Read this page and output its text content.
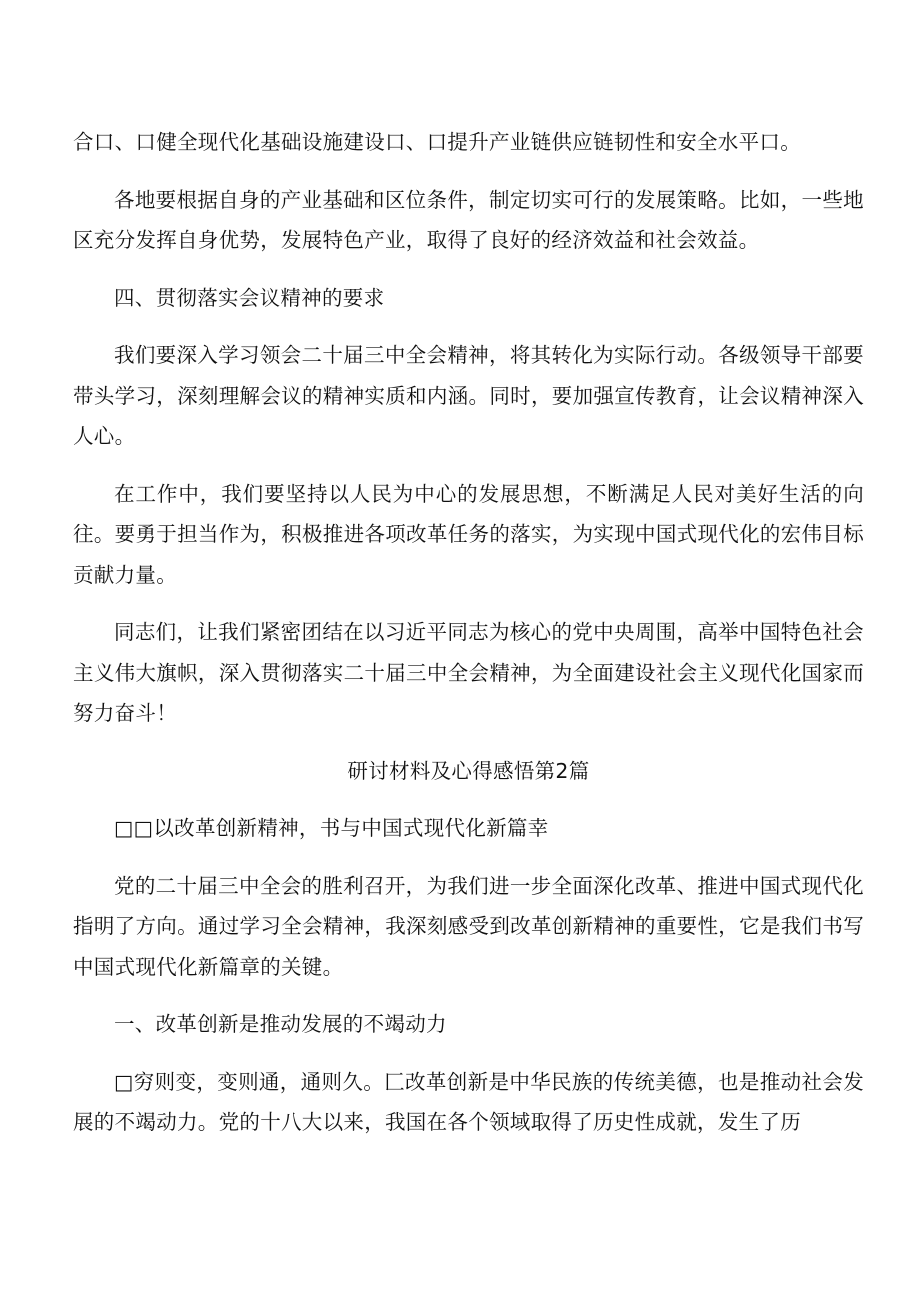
合口、口健全现代化基础设施建设口、口提升产业链供应链韧性和安全水平口。

各地要根据自身的产业基础和区位条件，制定切实可行的发展策略。比如，一些地区充分发挥自身优势，发展特色产业，取得了良好的经济效益和社会效益。

四、贯彻落实会议精神的要求

我们要深入学习领会二十届三中全会精神，将其转化为实际行动。各级领导干部要带头学习，深刻理解会议的精神实质和内涵。同时，要加强宣传教育，让会议精神深入人心。

在工作中，我们要坚持以人民为中心的发展思想，不断满足人民对美好生活的向往。要勇于担当作为，积极推进各项改革任务的落实，为实现中国式现代化的宏伟目标贡献力量。

同志们，让我们紧密团结在以习近平同志为核心的党中央周围，高举中国特色社会主义伟大旗帜，深入贯彻落实二十届三中全会精神，为全面建设社会主义现代化国家而努力奋斗！

研讨材料及心得感悟第2篇

□□以改革创新精神，书与中国式现代化新篇幸

党的二十届三中全会的胜利召开，为我们进一步全面深化改革、推进中国式现代化指明了方向。通过学习全会精神，我深刻感受到改革创新精神的重要性，它是我们书写中国式现代化新篇章的关键。

一、改革创新是推动发展的不竭动力

□穷则变，变则通，通则久。匚改革创新是中华民族的传统美德，也是推动社会发展的不竭动力。党的十八大以来，我国在各个领域取得了历史性成就，发生了历
